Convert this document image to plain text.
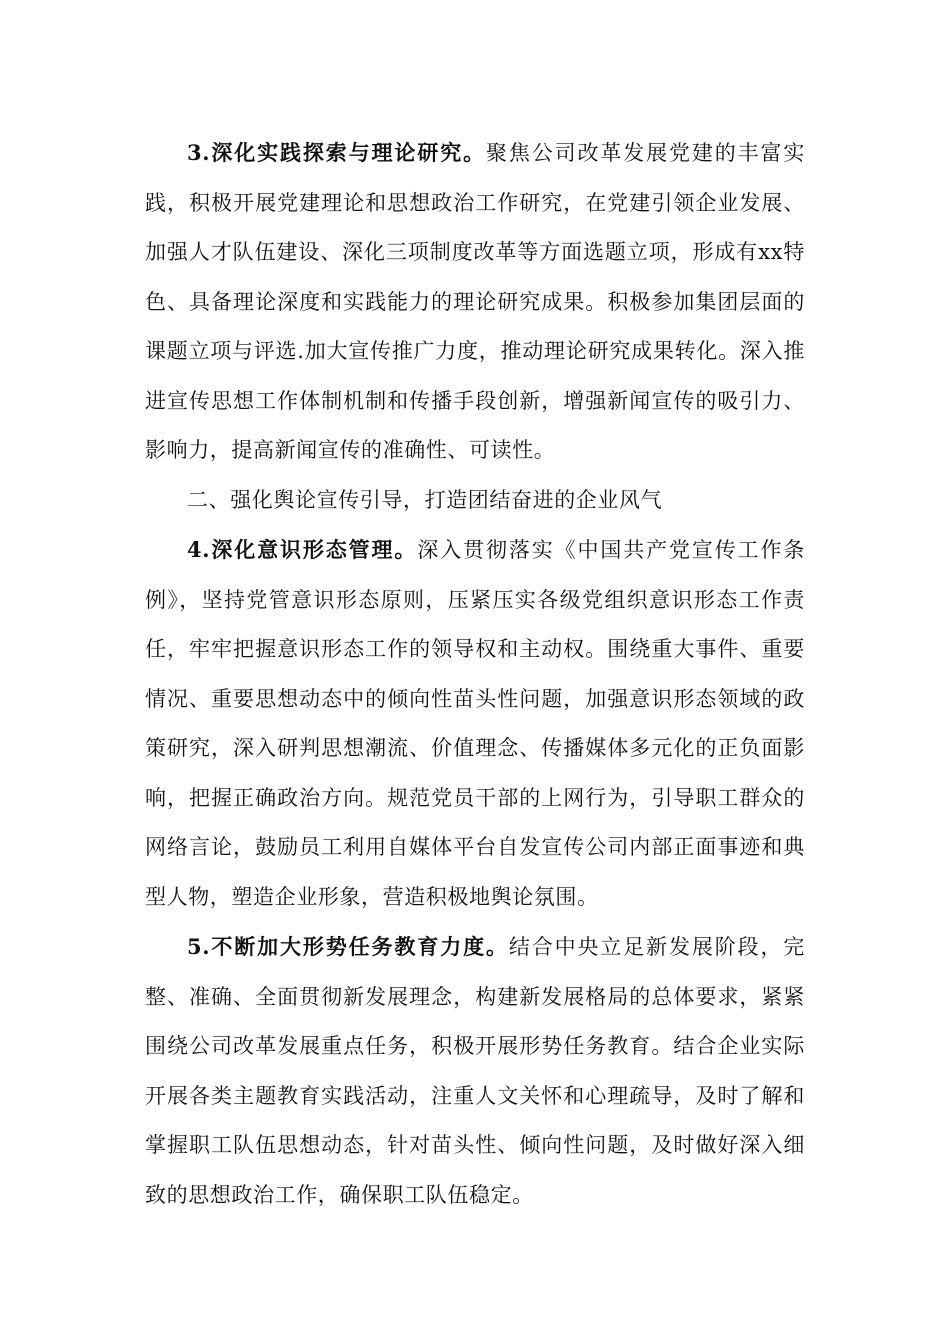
3.深化实践探索与理论研究。聚焦公司改革发展党建的丰富实践，积极开展党建理论和思想政治工作研究，在党建引领企业发展、加强人才队伍建设、深化三项制度改革等方面选题立项，形成有xx特色、具备理论深度和实践能力的理论研究成果。积极参加集团层面的课题立项与评选.加大宣传推广力度，推动理论研究成果转化。深入推进宣传思想工作体制机制和传播手段创新，增强新闻宣传的吸引力、影响力，提高新闻宣传的准确性、可读性。

二、强化舆论宣传引导，打造团结奋进的企业风气

4.深化意识形态管理。深入贯彻落实《中国共产党宣传工作条例》，坚持党管意识形态原则，压紧压实各级党组织意识形态工作责任，牢牢把握意识形态工作的领导权和主动权。围绕重大事件、重要情况、重要思想动态中的倾向性苗头性问题，加强意识形态领域的政策研究，深入研判思想潮流、价值理念、传播媒体多元化的正负面影响，把握正确政治方向。规范党员干部的上网行为，引导职工群众的网络言论，鼓励员工利用自媒体平台自发宣传公司内部正面事迹和典型人物，塑造企业形象，营造积极地舆论氛围。

5.不断加大形势任务教育力度。结合中央立足新发展阶段，完整、准确、全面贯彻新发展理念，构建新发展格局的总体要求，紧紧围绕公司改革发展重点任务，积极开展形势任务教育。结合企业实际开展各类主题教育实践活动，注重人文关怀和心理疏导，及时了解和掌握职工队伍思想动态，针对苗头性、倾向性问题，及时做好深入细致的思想政治工作，确保职工队伍稳定。
